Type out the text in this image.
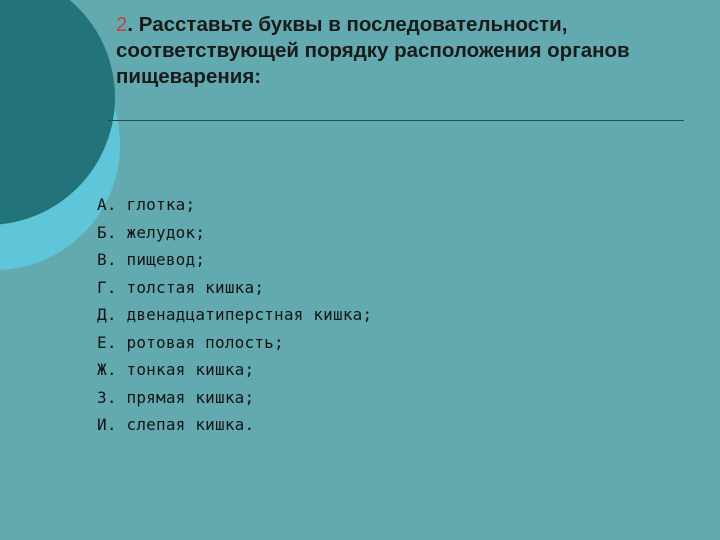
2. Расставьте буквы в последовательности, соответствующей порядку расположения органов пищеварения:
А. глотка;
Б. желудок;
В. пищевод;
Г. толстая кишка;
Д. двенадцатиперстная кишка;
Е. ротовая полость;
Ж. тонкая кишка;
З. прямая кишка;
И. слепая кишка.
